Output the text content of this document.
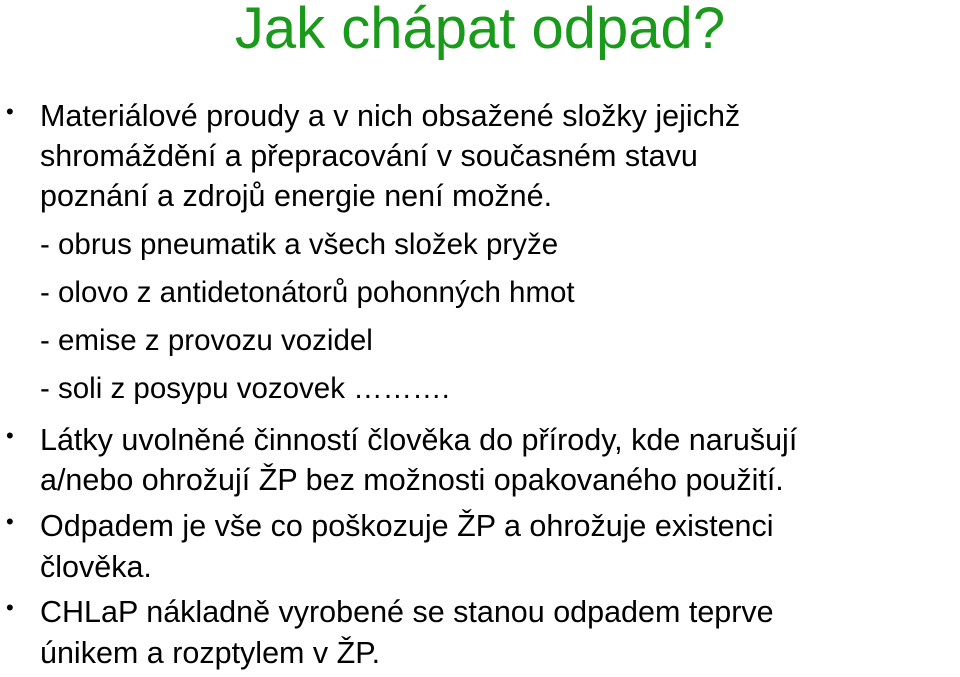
Jak chápat odpad?
• Materiálové proudy a v nich obsažené složky jejichž
shromáždění a přepracování v současném stavu
poznání a zdrojů energie není možné.
- obrus pneumatik a všech složek pryže
- olovo z antidetonátorů pohonných hmot
- emise z provozu vozidel
- soli z posypu vozovek ……….
• Látky uvolněné činností člověka do přírody, kde narušují
a/nebo ohrožují ŽP bez možnosti opakovaného použití.
• Odpadem je vše co poškozuje ŽP a ohrožuje existenci
člověka.
• CHLaP nákladně vyrobené se stanou odpadem teprve
únikem a rozptylem v ŽP.
